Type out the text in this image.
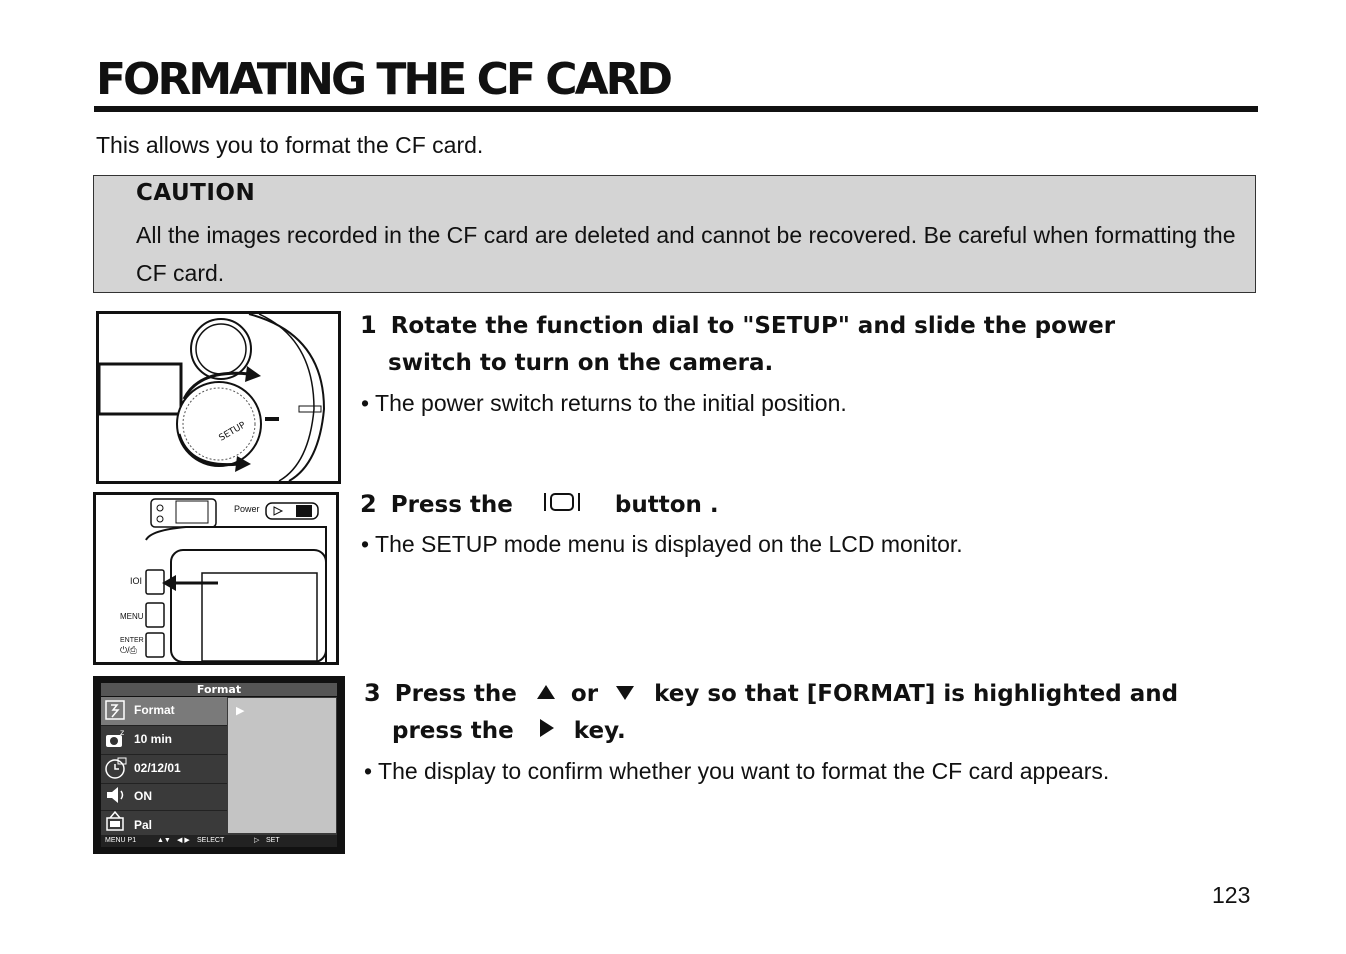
FORMATING THE CF CARD
This allows you to format the CF card.
CAUTION
All the images recorded in the CF card are deleted and cannot be recovered. Be careful when formatting the CF card.
SETUP
1 Rotate the function dial to "SETUP" and slide the power
switch to turn on the camera.
• The power switch returns to the initial position.
Power
IOI
MENU
ENTER
⏻/⎙
2 Press the	button .
• The SETUP mode menu is displayed on the LCD monitor.
Format
▶
Format
z 10 min
02/12/01
ON
Pal
MENU P1	▲▼ ◀ ▶ SELECT	▷ SET
3 Press the or key so that [FORMAT] is highlighted and
press the	key.
• The display to confirm whether you want to format the CF card appears.
123
